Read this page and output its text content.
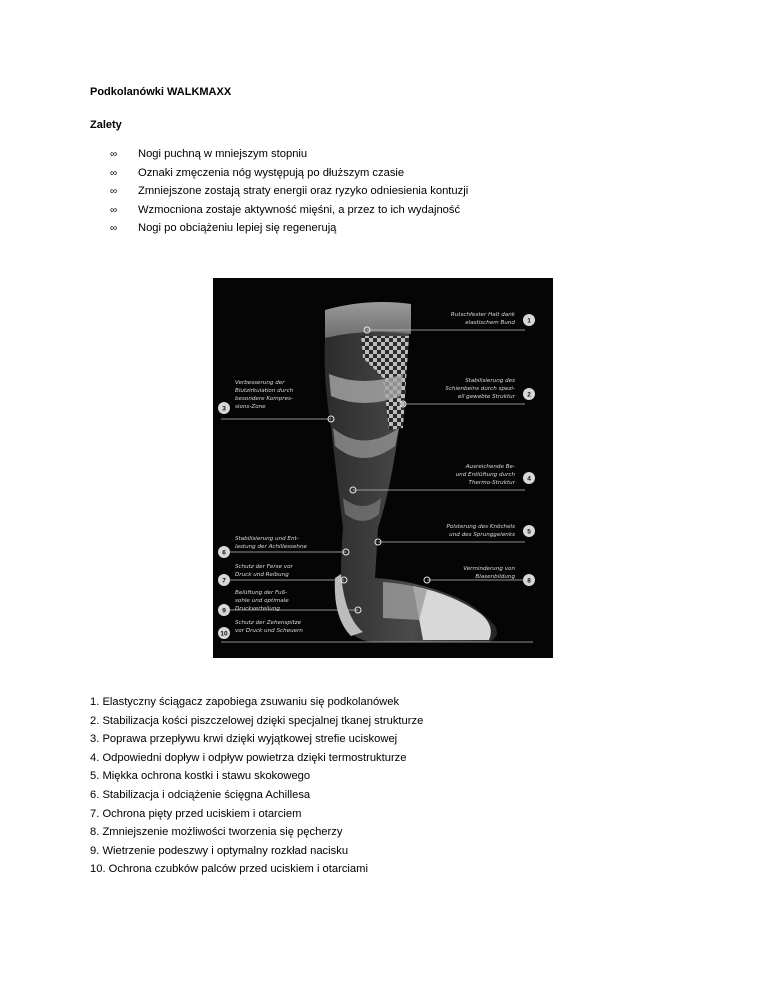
Podkolanówki WALKMAXX
Zalety
∞ Nogi puchną w mniejszym stopniu
∞ Oznaki zmęczenia nóg występują po dłuższym czasie
∞ Zmniejszone zostają straty energii oraz ryzyko odniesienia kontuzji
∞ Wzmocniona zostaje aktywność mięśni, a przez to ich wydajność
∞ Nogi po obciążeniu lepiej się regenerują
1
2
3
4
5
6
7	8
9
10
Rutschfester Halt dank
elastischem Bund
Stabilisierung des
Schienbeins durch spezi-
ell gewebte Struktur
Verbesserung der
Blutzirkulation durch
besondere Kompres-
sions-Zone
Ausreichende Be-
und Entlüftung durch
Thermo-Struktur
Polsterung des Knöchels
und des Sprunggelenks
Stabilisierung und Ent-
lastung der Achillessehne
Schutz der Ferse vor
Druck und Reibung
Verminderung von
Blasenbildung
Belüftung der Fuß-
sohle und optimale
Druckverteilung
Schutz der Zehenspitze
vor Druck und Scheuern
1. Elastyczny ściągacz zapobiega zsuwaniu się podkolanówek
2. Stabilizacja kości piszczelowej dzięki specjalnej tkanej strukturze
3. Poprawa przepływu krwi dzięki wyjątkowej strefie uciskowej
4. Odpowiedni dopływ i odpływ powietrza dzięki termostrukturze
5. Miękka ochrona kostki i stawu skokowego
6. Stabilizacja i odciążenie ścięgna Achillesa
7. Ochrona pięty przed uciskiem i otarciem
8. Zmniejszenie możliwości tworzenia się pęcherzy
9. Wietrzenie podeszwy i optymalny rozkład nacisku
10. Ochrona czubków palców przed uciskiem i otarciami
